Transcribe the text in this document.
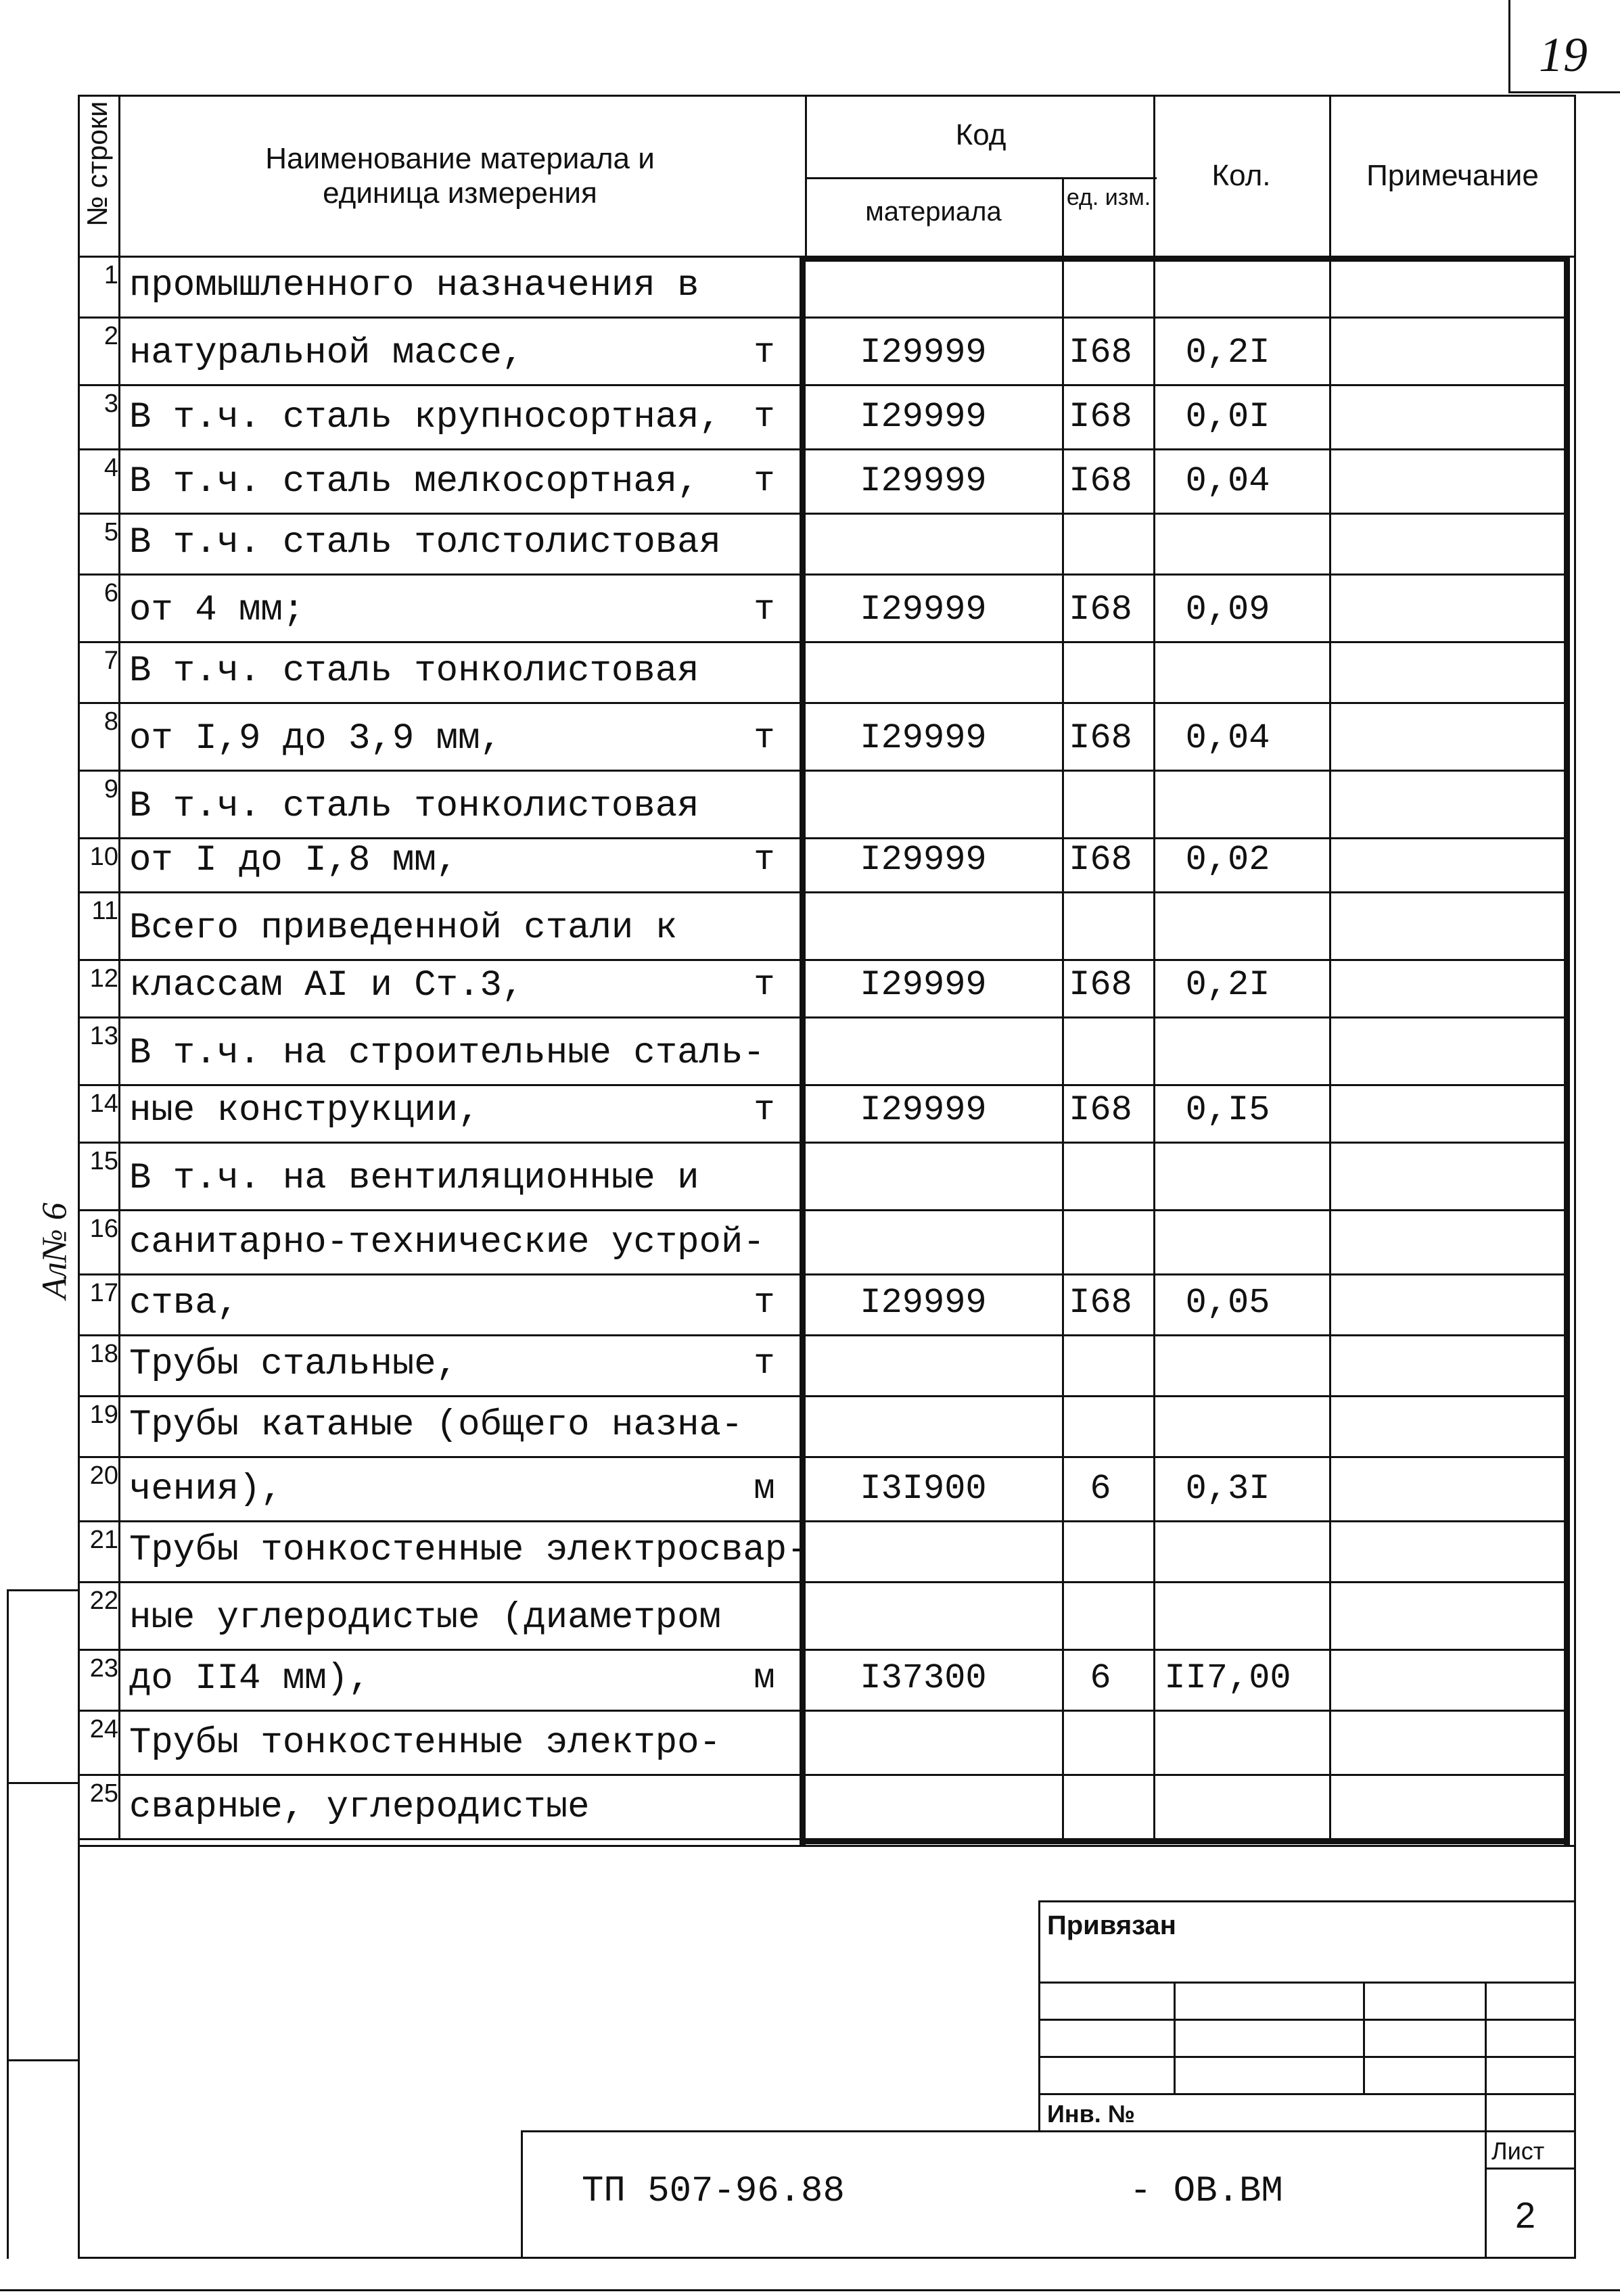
19
Ал№ 6
№ строки	Наименование материала и единица измерения
Код
материала	ед. изм.
Кол.	Примечание
1 промышленного назначения в
2 натуральной массе,	т	I29999	I68	0,2I
3 В т.ч. сталь крупносортная, т	I29999	I68	0,0I
4 В т.ч. сталь мелкосортная,	т	I29999	I68	0,04
5 В т.ч. сталь толстолистовая
6 от 4 мм;	т	I29999	I68	0,09
7 В т.ч. сталь тонколистовая
8 от I,9 до 3,9 мм,	т	I29999	I68	0,04
9 В т.ч. сталь тонколистовая
10 от I до I,8 мм,	т	I29999	I68	0,02
11 Всего приведенной стали к
12 классам AI и Ст.3,	т	I29999	I68	0,2I
13 В т.ч. на строительные сталь-
14 ные конструкции,	т	I29999	I68	0,I5
15 В т.ч. на вентиляционные и
16 санитарно-технические устрой-
17 ства,	т	I29999	I68	0,05
18 Трубы стальные,	т
19 Трубы катаные (общего назна-
20 чения),	м	I3I900	6	0,3I
21 Трубы тонкостенные электросвар-
22 ные углеродистые (диаметром
23 до II4 мм),	м	I37300	6	II7,00
24 Трубы тонкостенные электро-
25 сварные, углеродистые
Привязан
Инв. №
ТП 507-96.88	- ОВ.ВМ
Лист
2
